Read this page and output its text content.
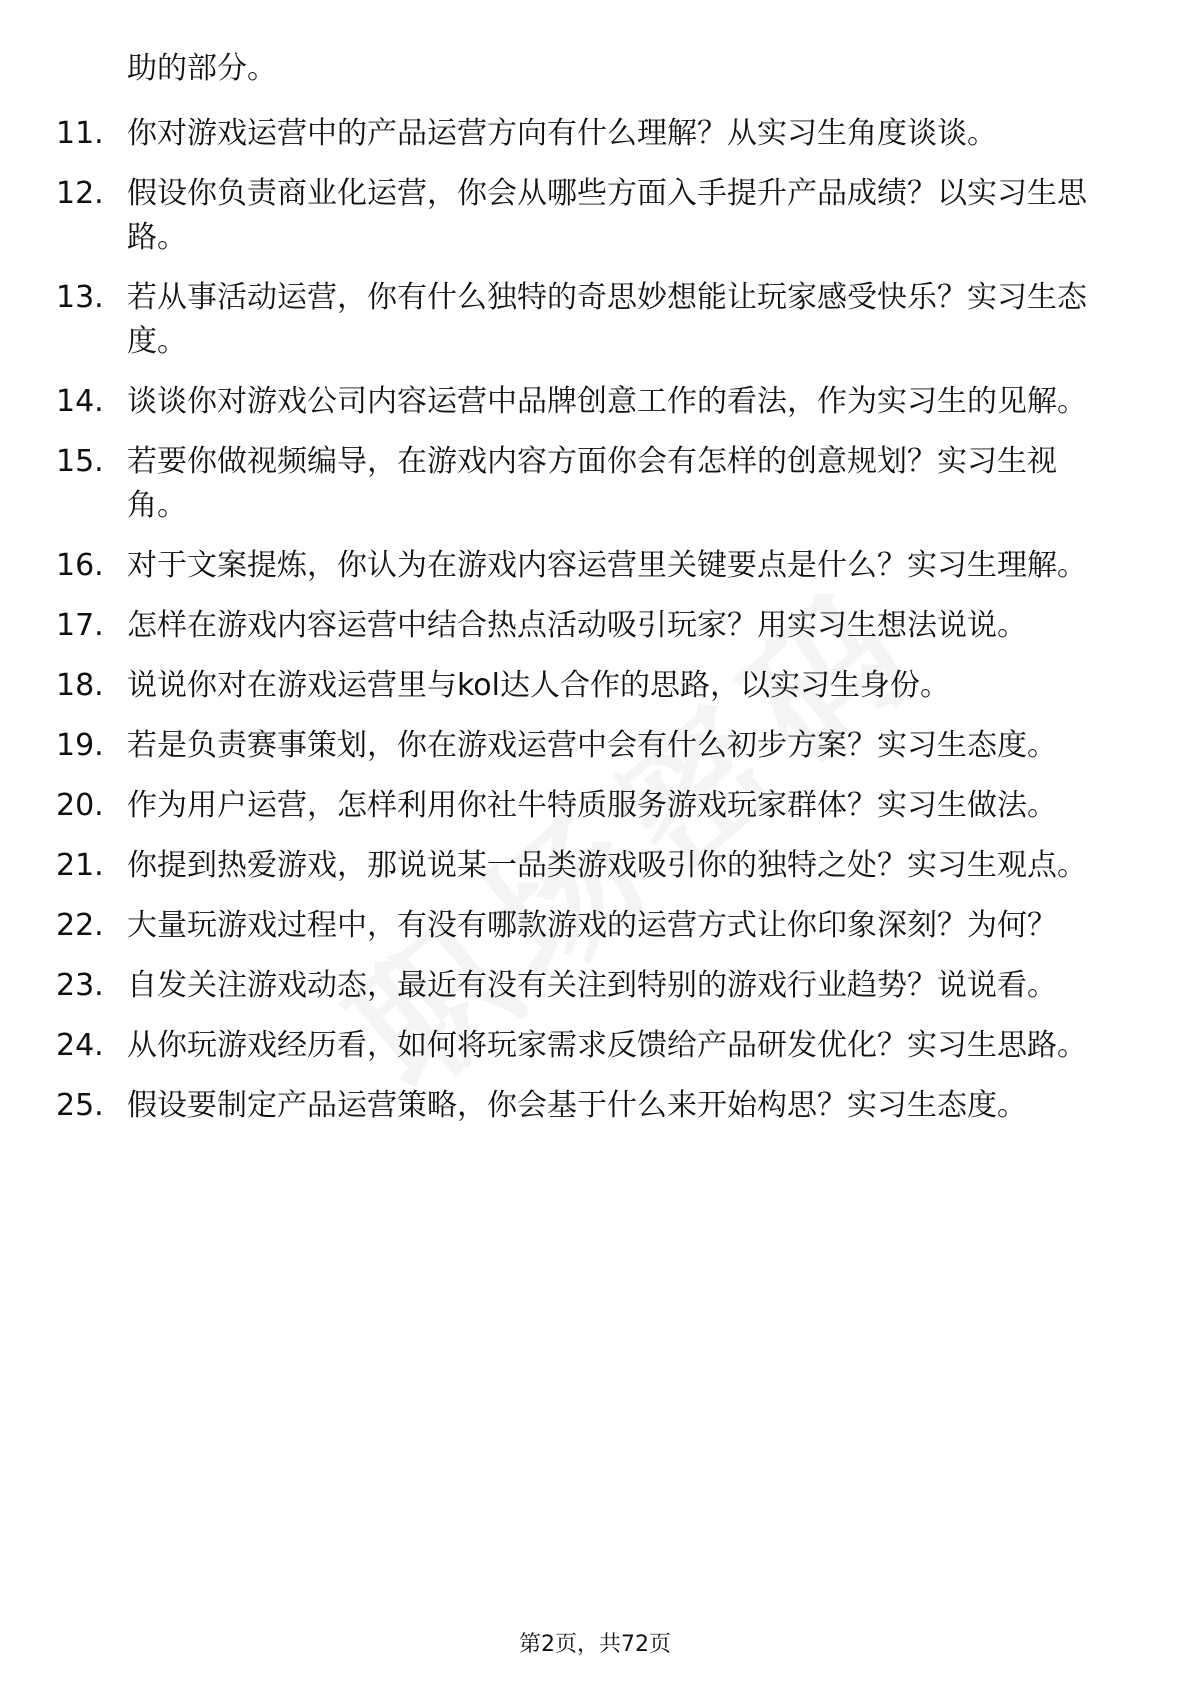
助的部分。
11. 你对游戏运营中的产品运营方向有什么理解？从实习生角度谈谈。
12. 假设你负责商业化运营，你会从哪些方面入手提升产品成绩？以实习生思路。
13. 若从事活动运营，你有什么独特的奇思妙想能让玩家感受快乐？实习生态度。
14. 谈谈你对游戏公司内容运营中品牌创意工作的看法，作为实习生的见解。
15. 若要你做视频编导，在游戏内容方面你会有怎样的创意规划？实习生视角。
16. 对于文案提炼，你认为在游戏内容运营里关键要点是什么？实习生理解。
17. 怎样在游戏内容运营中结合热点活动吸引玩家？用实习生想法说说。
18. 说说你对在游戏运营里与kol达人合作的思路，以实习生身份。
19. 若是负责赛事策划，你在游戏运营中会有什么初步方案？实习生态度。
20. 作为用户运营，怎样利用你社牛特质服务游戏玩家群体？实习生做法。
21. 你提到热爱游戏，那说说某一品类游戏吸引你的独特之处？实习生观点。
22. 大量玩游戏过程中，有没有哪款游戏的运营方式让你印象深刻？为何？
23. 自发关注游戏动态，最近有没有关注到特别的游戏行业趋势？说说看。
24. 从你玩游戏经历看，如何将玩家需求反馈给产品研发优化？实习生思路。
25. 假设要制定产品运营策略，你会基于什么来开始构思？实习生态度。
第2页，共72页
